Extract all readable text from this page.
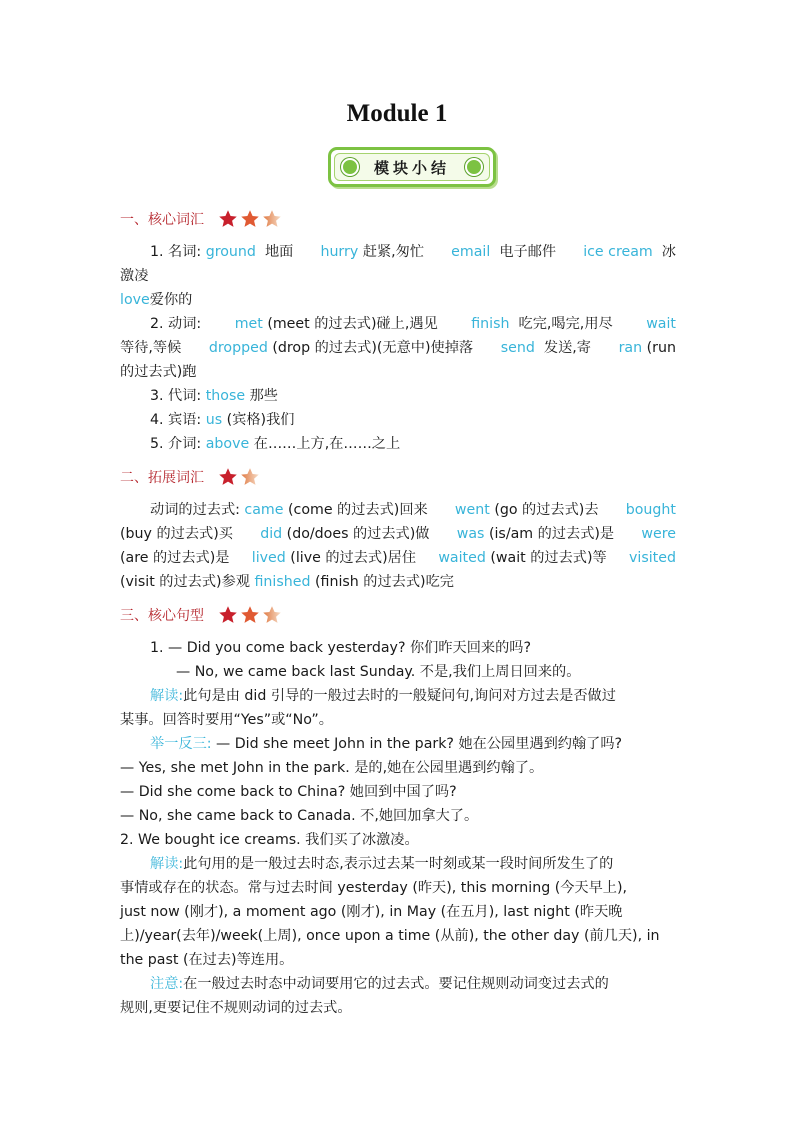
Module 1
模块小结
一、核心词汇
1. 名词: ground 地面 hurry 赶紧,匆忙 email 电子邮件 ice cream 冰
激凌
love爱你的
2. 动词: met (meet 的过去式)碰上,遇见 finish 吃完,喝完,用尽 wait
等待,等候 dropped (drop 的过去式)(无意中)使掉落 send 发送,寄 ran (run
的过去式)跑
3. 代词: those 那些
4. 宾语: us (宾格)我们
5. 介词: above 在……上方,在……之上
二、拓展词汇
动词的过去式: came (come 的过去式)回来 went (go 的过去式)去 bought
(buy 的过去式)买 did (do/does 的过去式)做 was (is/am 的过去式)是 were
(are 的过去式)是 lived (live 的过去式)居住 waited (wait 的过去式)等 visited
(visit 的过去式)参观 finished (finish 的过去式)吃完
三、核心句型
1. — Did you come back yesterday? 你们昨天回来的吗?
— No, we came back last Sunday. 不是,我们上周日回来的。
解读:此句是由 did 引导的一般过去时的一般疑问句,询问对方过去是否做过
某事。回答时要用“Yes”或“No”。
举一反三: — Did she meet John in the park? 她在公园里遇到约翰了吗?
— Yes, she met John in the park. 是的,她在公园里遇到约翰了。
— Did she come back to China? 她回到中国了吗?
— No, she came back to Canada. 不,她回加拿大了。
2. We bought ice creams. 我们买了冰激凌。
解读:此句用的是一般过去时态,表示过去某一时刻或某一段时间所发生了的
事情或存在的状态。常与过去时间 yesterday (昨天), this morning (今天早上),
just now (刚才), a moment ago (刚才), in May (在五月), last night (昨天晚
上)/year(去年)/week(上周), once upon a time (从前), the other day (前几天), in
the past (在过去)等连用。
注意:在一般过去时态中动词要用它的过去式。要记住规则动词变过去式的
规则,更要记住不规则动词的过去式。
